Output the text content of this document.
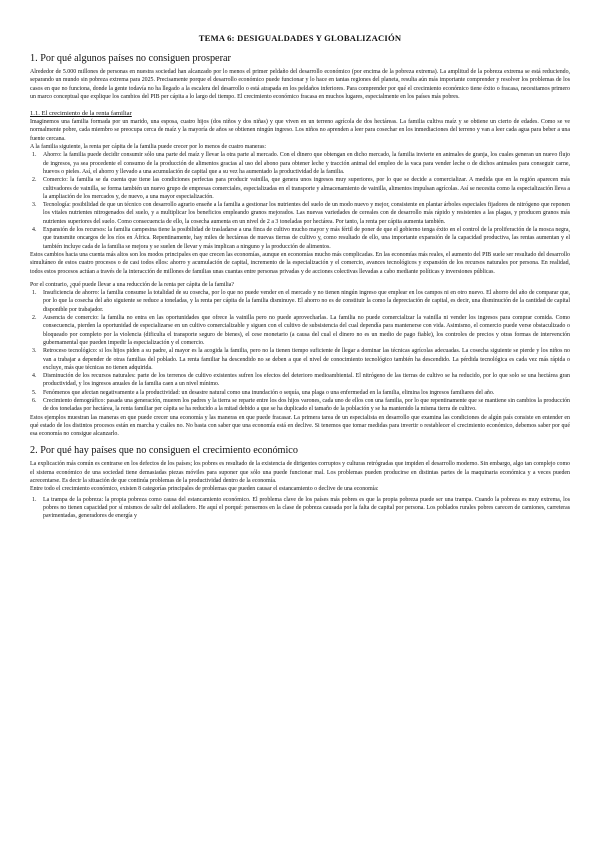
TEMA 6: DESIGUALDADES Y GLOBALIZACIÓN
1. Por qué algunos países no consiguen prosperar

Alrededor de 5.000 millones de personas en nuestra sociedad han alcanzado por lo menos el primer peldaño del desarrollo económico (por encima de la pobreza extrema). La amplitud de la pobreza extrema se está reduciendo, separando un mundo sin pobreza extrema para 2025. Precisamente porque el desarrollo económico puede funcionar y lo hace en tantas regiones del planeta, resulta aún más importante comprender y resolver los problemas de los casos en que no funciona, donde la gente todavía no ha llegado a la escalera del desarrollo o está atrapada en los peldaños inferiores. Para comprender por qué el crecimiento económico tiene éxito o fracasa, necesitamos primero un marco conceptual que explique los cambios del PIB per cápita a lo largo del tiempo. El crecimiento económico fracasa en muchos lugares, especialmente en los países más pobres.

1.1. El crecimiento de la renta familiar

Imaginemos una familia formada por un marido, una esposa, cuatro hijos (dos niños y dos niñas) y que viven en un terreno agrícola de dos hectáreas. La familia cultiva maíz y se obtiene un cierto de edades. Como se ve normalmente pobre, cada miembro se preocupa cerca de maíz y la mayoría de años se obtienen ningún ingreso. Los niños no aprenden a leer para cosechar en los inmediaciones del terreno y van a leer cada agua para beber a una fuente cercana.

A la familia siguiente, la renta per cápita de la familia puede crecer por lo menos de cuatro maneras:

1.	Ahorro: la familia puede decidir consumir sólo una parte del maíz y llevar la otra parte al mercado. Con el dinero que obtengan en dicho mercado, la familia invierte en animales de granja, los cuales generan un nuevo flujo de ingresos, ya sea procedente el consumo de la producción de alimentos gracias al uso del abono para obtener leche y tracción animal del empleo de la vaca para vender leche o de dichos animales para conseguir carne, huevos o pieles. Así, el ahorro y llevado a una acumulación de capital que a su vez ha aumentado la productividad de la familia.
2.	Comercio: la familia se da cuenta que tiene las condiciones perfectas para producir vainilla, que genera unos ingresos muy superiores, por lo que se decide a comercializar. A medida que en la región aparecen más cultivadores de vainilla, se forma también un nuevo grupo de empresas comerciales, especializadas en el transporte y almacenamiento de vainilla, alimentos impulsan agrícolas. Así se necesita como la especialización lleva a la ampliación de los mercados y, de nuevo, a una mayor especialización.
3.	Tecnología: posibilidad de que un técnico con desarrollo agrario enseñe a la familia a gestionar los nutrientes del suelo de un modo nuevo y mejor, consistente en plantar árboles especiales fijadores de nitrógeno que reponen los vitales nutrientes nitrogenados del suelo, y a multiplicar los beneficios empleando granos mejorados. Las nuevas variedades de cereales con de desarrollo más rápido y resistentes a las plagas, y producen granos más nutrientes superiores del suelo. Como consecuencia de ello, la cosecha aumenta en un nivel de 2 a 3 toneladas por hectárea. Por tanto, la renta per cápita aumenta también.
4.	Expansión de los recursos: la familia campesina tiene la posibilidad de trasladarse a una finca de cultivo mucho mayor y más fértil de poner de que el gobierno tenga éxito en el control de la proliferación de la mosca negra, que transmite oncargos de los ríos en África. Repentinamente, hay miles de hectáreas de nuevas tierras de cultivo y, como resultado de ello, una importante expansión de la capacidad productiva, las rentas aumentan y el también incluye cada de la familia se mejora y se suelen de llevar y más implican a ninguno y la producción de alimentos.

Estos cambios hacia una cuenta más altos son los modos principales en que crecen las economías, aunque en economías mucho más complicadas. En las economías más reales, el aumento del PIB suele ser resultado del desarrollo simultáneo de estos cuatro procesos o de casi todos ellos: ahorro y acumulación de capital, incremento de la especialización y el comercio, avances tecnológicos y expansión de los recursos naturales por persona. En realidad, todos estos procesos actúan a través de la interacción de millones de familias unas cuantas entre personas privadas y de acciones colectivas llevadas a cabo mediante políticas y inversiones públicas.

Por el contrario, ¿qué puede llevar a una reducción de la renta per cápita de la familia?

1.	Insuficiencia de ahorro: la familia consume la totalidad de su cosecha, por lo que no puede vender en el mercado y no tienen ningún ingreso que emplear en los campos ni en otro nuevo. El ahorro del año de comparar que, por lo que la cosecha del año siguiente se reduce a toneladas, y la renta per cápita de la familia disminuye. El ahorro no es de constituir la como la depreciación de capital, es decir, una disminución de la cantidad de capital disponible por trabajador.
2.	Ausencia de comercio: la familia no entra en las oportunidades que ofrece la vainilla pero no puede aprovecharlas. La familia no puede comercializar la vainilla ni vender los ingresos para comprar comida. Como consecuencia, pierden la oportunidad de especializarse en un cultivo comercializable y siguen con el cultivo de subsistencia del cual dependía para mantenerse con vida. Asimismo, el comercio puede verse obstaculizado o bloqueado por completo por la violencia (dificulta el transporte seguro de bienes), el cese monetario (a causa del cual el dinero no es un medio de pago fiable), los controles de precios y otras formas de intervención gubernamental que pueden impedir la especialización y el comercio.
3.	Retroceso tecnológico: si los hijos piden a su padre, al mayor es la acogida la familia, pero no la tienen tiempo suficiente de llegar a dominar las técnicas agrícolas adecuadas. La cosecha siguiente se pierde y los niños no van a trabajar a depender de otras familias del poblado. La renta familiar ha descendido no se deben a que el nivel de conocimiento tecnológico también ha descendido. La pérdida tecnológica es cada vez más rápida o excluye, más que técnicas no tienen adquirida.
4.	Disminución de los recursos naturales: parte de los terrenos de cultivo existentes sufren los efectos del deterioro medioambiental. El nitrógeno de las tierras de cultivo se ha reducido, por lo que solo se una hectárea gran productividad, y los ingresos anuales de la familia caen a un nivel mínimo.
5.	Fenómenos que afectan negativamente a la productividad: un desastre natural como una inundación o sequía, una plaga o una enfermedad en la familia, elimina los ingresos familiares del año.
6.	Crecimiento demográfico: pasada una generación, mueren los padres y la tierra se reparte entre los dos hijos varones, cada uno de ellos con una familia, por lo que repentinamente que se mantiene sin cambios la producción de dos toneladas por hectárea, la renta familiar per cápita se ha reducido a la mitad debido a que se ha duplicado el tamaño de la población y se ha mantenido la misma tierra de cultivo.

Estos ejemplos muestran las maneras en que puede crecer una economía y las maneras en que puede fracasar. La primera tarea de un especialista en desarrollo que examina las condiciones de algún país consiste en entender en qué estado de los distintos procesos están en marcha y cuáles no. No basta con saber que una economía está en declive. Si tenemos que tomar medidas para invertir o restablecer el crecimiento económico, debemos saber por qué esa economía no consigue alcanzarlo.

2. Por qué hay países que no consiguen el crecimiento económico

La explicación más común es centrarse en los defectos de los países; los pobres es resultado de la existencia de dirigentes corruptos y culturas retrógradas que impiden el desarrollo moderno. Sin embargo, algo tan complejo como el sistema económico de una sociedad tiene demasiadas piezas móviles para suponer que sólo una puede funcionar mal. Los problemas pueden producirse en distintas partes de la maquinaria económica y a veces pueden acrecentarse. Es decir la situación de que continúa problemas de la productividad dentro de la economía.

Entre todo el crecimiento económico, existen 8 categorías principales de problemas que pueden causar el estancamiento o declive de una economía:

1.	La trampa de la pobreza: la propia pobreza como causa del estancamiento económico. El problema clave de los países más pobres es que la propia pobreza puede ser una trampa. Cuando la pobreza es muy extrema, los pobres no tienen capacidad por sí mismos de salir del atolladero. He aquí el porqué: pensemos en la clase de pobreza causada por la falta de capital por persona. Los poblados rurales pobres carecen de camiones, carreteras pavimentadas, generadores de energía y
